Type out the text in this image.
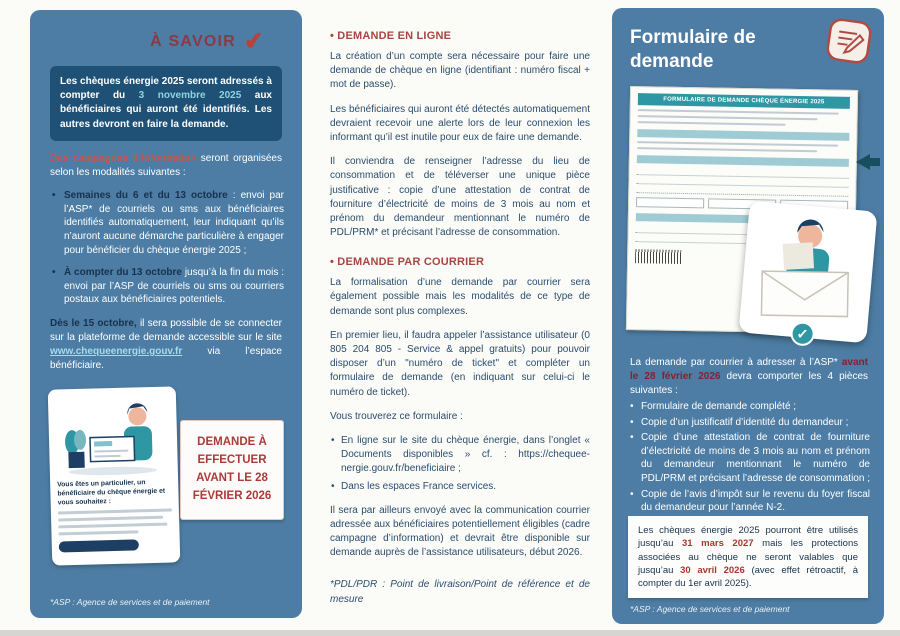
À SAVOIR ✔
Les chèques énergie 2025 seront adressés à compter du 3 novembre 2025 aux bénéficiaires qui auront été identifiés. Les autres devront en faire la demande.

Des campagnes d’information seront organisées selon les modalités suivantes :

• Semaines du 6 et du 13 octobre : envoi par l’ASP* de courriels ou sms aux bénéficiaires identifiés automatiquement, leur indiquant qu’ils n’auront aucune démarche particulière à engager pour bénéficier du chèque énergie 2025 ;
• À compter du 13 octobre jusqu’à la fin du mois : envoi par l’ASP de courriels ou sms ou courriers postaux aux bénéficiaires potentiels.

Dès le 15 octobre, il sera possible de se connecter sur la plateforme de demande accessible sur le site www.chequeenergie.gouv.fr via l’espace bénéficiaire.

Vous êtes un particulier, un bénéficiaire du chèque énergie et vous souhaitez :

DEMANDE À EFFECTUER AVANT LE 28 FÉVRIER 2026

*ASP : Agence de services et de paiement

• DEMANDE EN LIGNE

La création d’un compte sera nécessaire pour faire une demande de chèque en ligne (identifiant : numéro fiscal + mot de passe).

Les bénéficiaires qui auront été détectés automatiquement devraient recevoir une alerte lors de leur connexion les informant qu’il est inutile pour eux de faire une demande.

Il conviendra de renseigner l’adresse du lieu de consommation et de téléverser une unique pièce justificative : copie d’une attestation de contrat de fourniture d’électricité de moins de 3 mois au nom et prénom du demandeur mentionnant le numéro de PDL/PRM* et précisant l’adresse de consommation.

• DEMANDE PAR COURRIER

La formalisation d’une demande par courrier sera également possible mais les modalités de ce type de demande sont plus complexes.

En premier lieu, il faudra appeler l’assistance utilisateur (0 805 204 805 - Service & appel gratuits) pour pouvoir disposer d’un "numéro de ticket" et compléter un formulaire de demande (en indiquant sur celui-ci le numéro de ticket).

Vous trouverez ce formulaire :

• En ligne sur le site du chèque énergie, dans l’onglet « Documents disponibles » cf. : https://chequee-nergie.gouv.fr/beneficiaire ;
• Dans les espaces France services.

Il sera par ailleurs envoyé avec la communication courrier adressée aux bénéficiaires potentiellement éligibles (cadre campagne d’information) et devrait être disponible sur demande auprès de l’assistance utilisateurs, début 2026.

*PDL/PDR : Point de livraison/Point de référence et de mesure

Formulaire de demande
FORMULAIRE DE DEMANDE CHÈQUE ÉNERGIE 2025
✓

La demande par courrier à adresser à l’ASP* avant le 28 février 2026 devra comporter les 4 pièces suivantes :

• Formulaire de demande complété ;
• Copie d’un justificatif d’identité du demandeur ;
• Copie d’une attestation de contrat de fourniture d’électricité de moins de 3 mois au nom et prénom du demandeur mentionnant le numéro de PDL/PRM et précisant l’adresse de consommation ;
• Copie de l’avis d’impôt sur le revenu du foyer fiscal du demandeur pour l’année N-2.
Les chèques énergie 2025 pourront être utilisés jusqu’au 31 mars 2027 mais les protections associées au chèque ne seront valables que jusqu’au 30 avril 2026 (avec effet rétroactif, à compter du 1er avril 2025).

*ASP : Agence de services et de paiement
